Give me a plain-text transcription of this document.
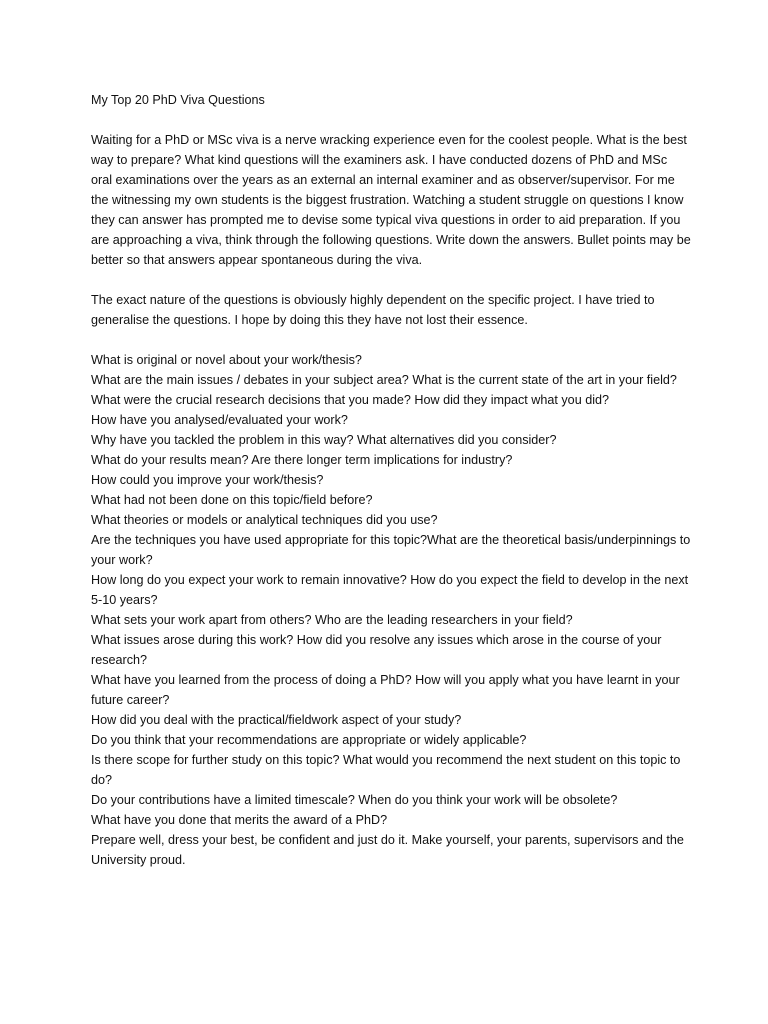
My Top 20 PhD Viva Questions

Waiting for a PhD or MSc viva is a nerve wracking experience even for the coolest people. What is the best way to prepare? What kind questions will the examiners ask. I have conducted dozens of PhD and MSc oral examinations over the years as an external an internal examiner and as observer/supervisor. For me the witnessing my own students is the biggest frustration. Watching a student struggle on questions I know they can answer has prompted me to devise some typical viva questions in order to aid preparation. If you are approaching a viva, think through the following questions. Write down the answers. Bullet points may be better so that answers appear spontaneous during the viva.

The exact nature of the questions is obviously highly dependent on the specific project. I have tried to generalise the questions. I hope by doing this they have not lost their essence.

What is original or novel about your work/thesis?
What are the main issues / debates in your subject area? What is the current state of the art in your field?
What were the crucial research decisions that you made? How did they impact what you did?
How have you analysed/evaluated your work?
Why have you tackled the problem in this way? What alternatives did you consider?
What do your results mean? Are there longer term implications for industry?
How could you improve your work/thesis?
What had not been done on this topic/field before?
What theories or models or analytical techniques did you use?
Are the techniques you have used appropriate for this topic?What are the theoretical basis/underpinnings to your work?
How long do you expect your work to remain innovative? How do you expect the field to develop in the next 5-10 years?
What sets your work apart from others? Who are the leading researchers in your field?
What issues arose during this work? How did you resolve any issues which arose in the course of your research?
What have you learned from the process of doing a PhD? How will you apply what you have learnt in your future career?
How did you deal with the practical/fieldwork aspect of your study?
Do you think that your recommendations are appropriate or widely applicable?
Is there scope for further study on this topic? What would you recommend the next student on this topic to do?
Do your contributions have a limited timescale? When do you think your work will be obsolete?
What have you done that merits the award of a PhD?

Prepare well, dress your best, be confident and just do it. Make yourself, your parents, supervisors and the University proud.
